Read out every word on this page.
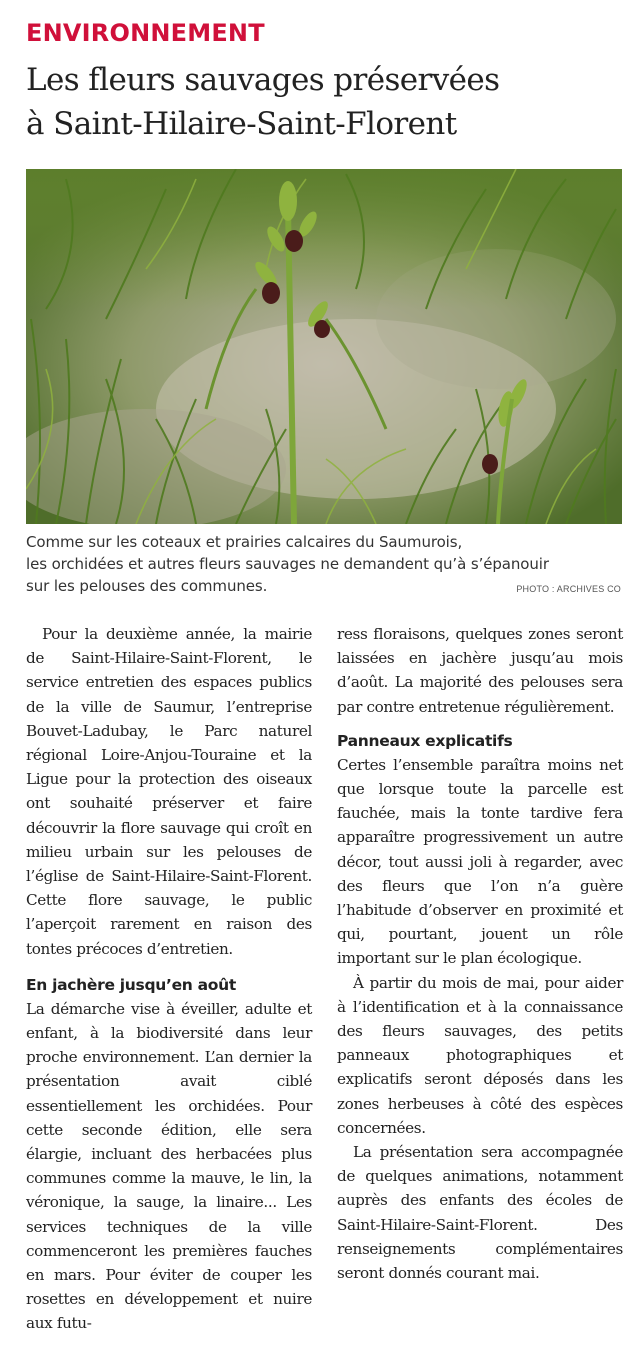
ENVIRONNEMENT
Les fleurs sauvages préservées
à Saint-Hilaire-Saint-Florent
Comme sur les coteaux et prairies calcaires du Saumurois,
les orchidées et autres fleurs sauvages ne demandent qu’à s’épanouir
sur les pelouses des communes.	PHOTO : ARCHIVES CO

Pour la deuxième année, la mairie de Saint-Hilaire-Saint-Florent, le service entretien des espaces publics de la ville de Saumur, l’entreprise Bouvet-Ladubay, le Parc naturel régional Loire-Anjou-Touraine et la Ligue pour la protection des oiseaux ont souhaité préserver et faire découvrir la flore sauvage qui croît en milieu urbain sur les pelouses de l’église de Saint-Hilaire-Saint-Florent. Cette flore sauvage, le public l’aperçoit rarement en raison des tontes précoces d’entretien.

En jachère jusqu’en août

La démarche vise à éveiller, adulte et enfant, à la biodiversité dans leur proche environnement. L’an dernier la présentation avait ciblé essentiellement les orchidées. Pour cette seconde édition, elle sera élargie, incluant des herbacées plus communes comme la mauve, le lin, la véronique, la sauge, la linaire... Les services techniques de la ville commenceront les premières fauches en mars. Pour éviter de couper les rosettes en développement et nuire aux futu-

ress floraisons, quelques zones seront laissées en jachère jusqu’au mois d’août. La majorité des pelouses sera par contre entretenue régulièrement.

Panneaux explicatifs

Certes l’ensemble paraîtra moins net que lorsque toute la parcelle est fauchée, mais la tonte tardive fera apparaître progressivement un autre décor, tout aussi joli à regarder, avec des fleurs que l’on n’a guère l’habitude d’observer en proximité et qui, pourtant, jouent un rôle important sur le plan écologique.

À partir du mois de mai, pour aider à l’identification et à la connaissance des fleurs sauvages, des petits panneaux photographiques et explicatifs seront déposés dans les zones herbeuses à côté des espèces concernées.

La présentation sera accompagnée de quelques animations, notamment auprès des enfants des écoles de Saint-Hilaire-Saint-Florent. Des renseignements complémentaires seront donnés courant mai.
